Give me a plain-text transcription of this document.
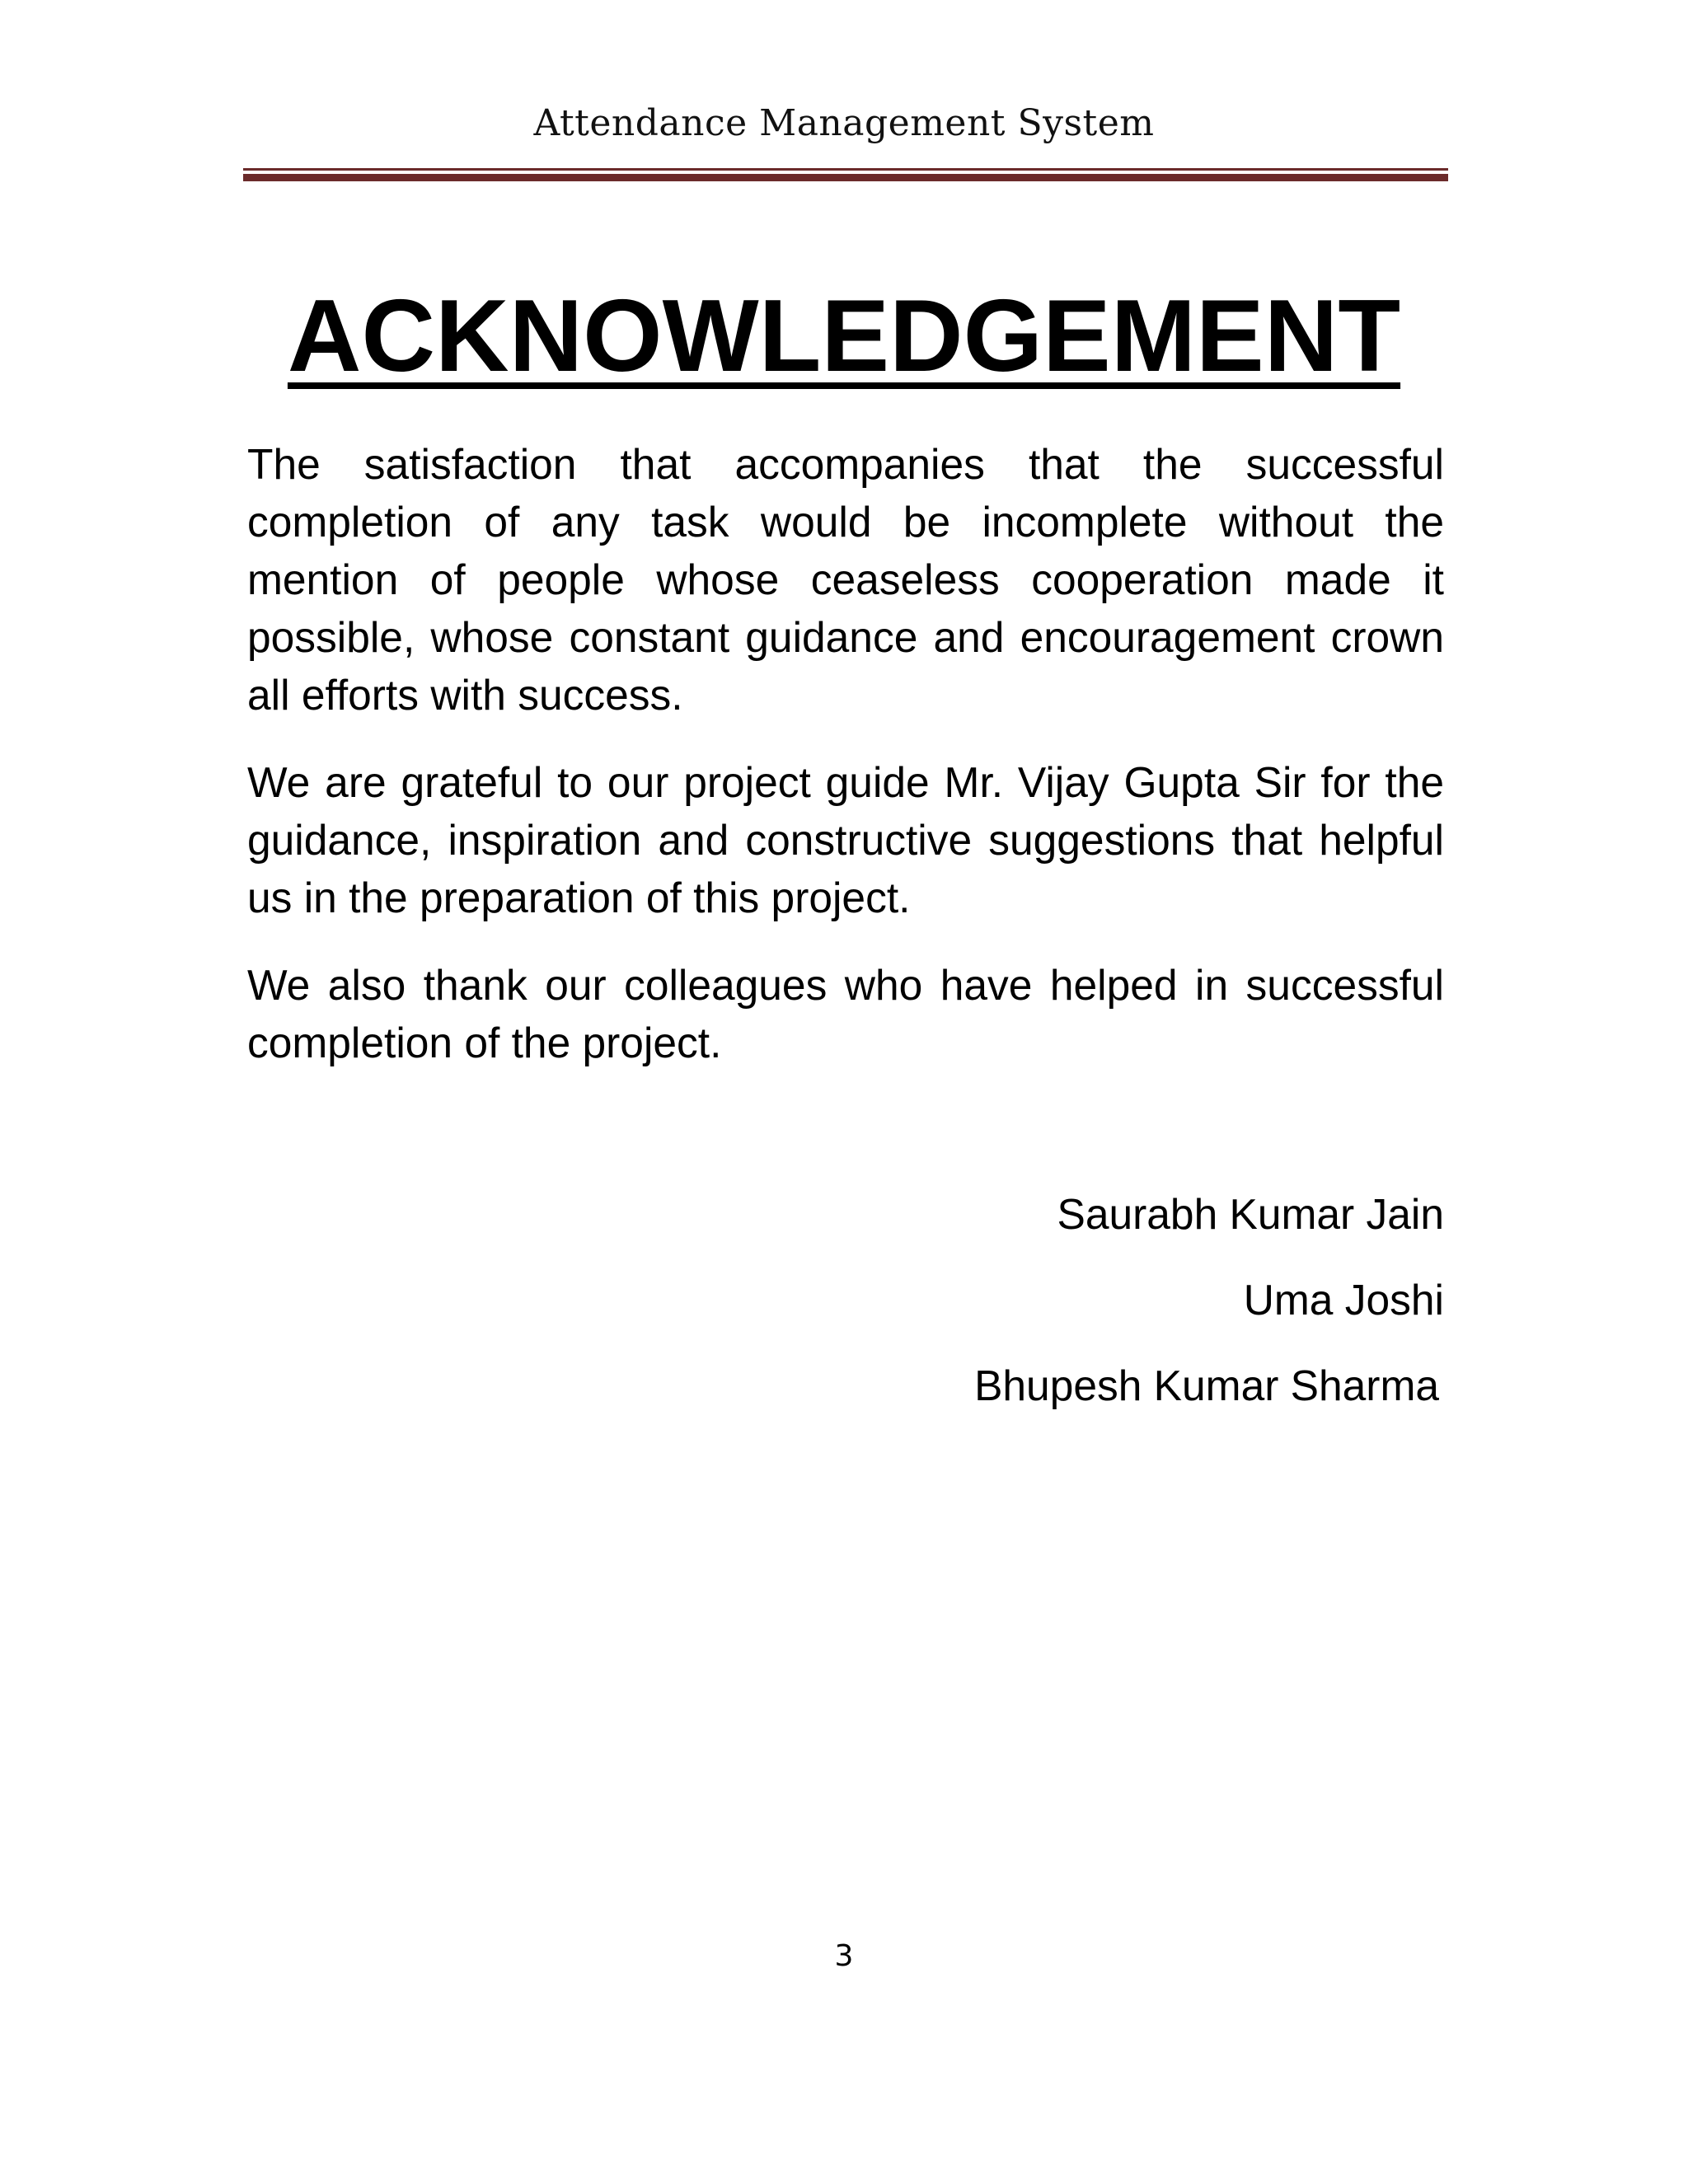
Attendance Management System
ACKNOWLEDGEMENT

The satisfaction that accompanies that the successful completion of any task would be incomplete without the mention of people whose ceaseless cooperation made it possible, whose constant guidance and encouragement crown all efforts with success.

We are grateful to our project guide Mr. Vijay Gupta Sir for the guidance, inspiration and constructive suggestions that helpful us in the preparation of this project.

We also thank our colleagues who have helped in successful completion of the project.

Saurabh Kumar Jain
Uma Joshi
Bhupesh Kumar Sharma
3
